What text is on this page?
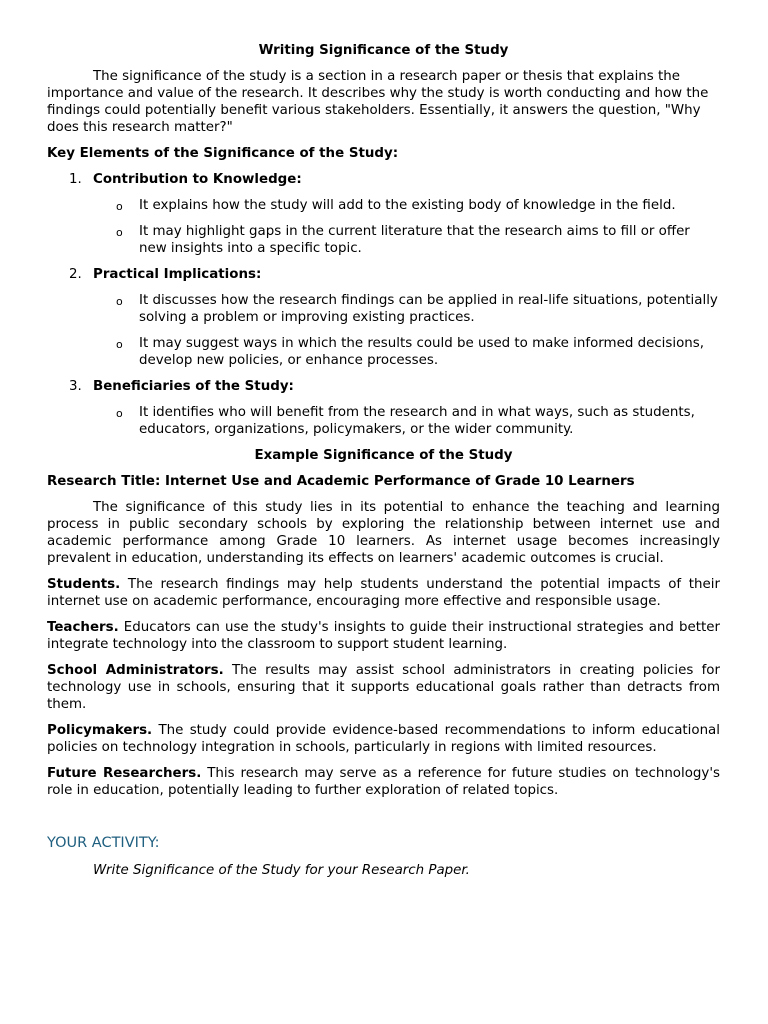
Writing Significance of the Study

The significance of the study is a section in a research paper or thesis that explains the importance and value of the research. It describes why the study is worth conducting and how the findings could potentially benefit various stakeholders. Essentially, it answers the question, "Why does this research matter?"

Key Elements of the Significance of the Study:
1. Contribution to Knowledge:
o It explains how the study will add to the existing body of knowledge in the field.
o It may highlight gaps in the current literature that the research aims to fill or offer new insights into a specific topic.
2. Practical Implications:
o It discusses how the research findings can be applied in real-life situations, potentially solving a problem or improving existing practices.
o It may suggest ways in which the results could be used to make informed decisions, develop new policies, or enhance processes.
3. Beneficiaries of the Study:
o It identifies who will benefit from the research and in what ways, such as students, educators, organizations, policymakers, or the wider community.
Example Significance of the Study
Research Title: Internet Use and Academic Performance of Grade 10 Learners

The significance of this study lies in its potential to enhance the teaching and learning process in public secondary schools by exploring the relationship between internet use and academic performance among Grade 10 learners. As internet usage becomes increasingly prevalent in education, understanding its effects on learners' academic outcomes is crucial.

Students. The research findings may help students understand the potential impacts of their internet use on academic performance, encouraging more effective and responsible usage.

Teachers. Educators can use the study's insights to guide their instructional strategies and better integrate technology into the classroom to support student learning.

School Administrators. The results may assist school administrators in creating policies for technology use in schools, ensuring that it supports educational goals rather than detracts from them.

Policymakers. The study could provide evidence-based recommendations to inform educational policies on technology integration in schools, particularly in regions with limited resources.

Future Researchers. This research may serve as a reference for future studies on technology's role in education, potentially leading to further exploration of related topics.

YOUR ACTIVITY:

Write Significance of the Study for your Research Paper.
